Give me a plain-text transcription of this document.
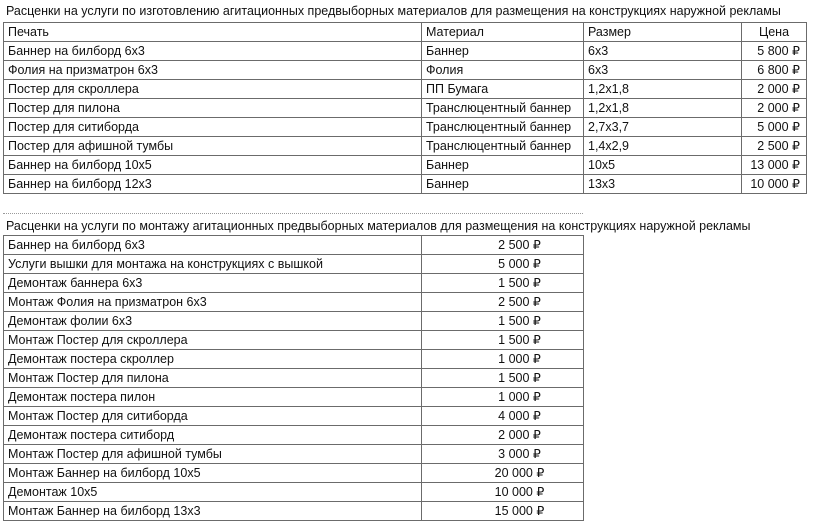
Расценки на услуги по изготовлению агитационных предвыборных материалов для размещения на конструкциях наружной рекламы
Печать	Материал	Размер	Цена
Баннер на билборд 6х3	Баннер	6х3	5 800 ₽
Фолия на призматрон 6х3	Фолия	6х3	6 800 ₽
Постер для скроллера	ПП Бумага	1,2х1,8	2 000 ₽
Постер для пилона	Транслюцентный баннер	1,2х1,8	2 000 ₽
Постер для ситиборда	Транслюцентный баннер	2,7х3,7	5 000 ₽
Постер для афишной тумбы	Транслюцентный баннер	1,4х2,9	2 500 ₽
Баннер на билборд 10х5	Баннер	10х5	13 000 ₽
Баннер на билборд 12х3	Баннер	13х3	10 000 ₽
Расценки на услуги по монтажу агитационных предвыборных материалов для размещения на конструкциях наружной рекламы
Баннер на билборд 6х3	2 500 ₽
Услуги вышки для монтажа на конструкциях с вышкой	5 000 ₽
Демонтаж баннера 6х3	1 500 ₽
Монтаж Фолия на призматрон 6х3	2 500 ₽
Демонтаж фолии 6х3	1 500 ₽
Монтаж Постер для скроллера	1 500 ₽
Демонтаж постера скроллер	1 000 ₽
Монтаж Постер для пилона	1 500 ₽
Демонтаж постера пилон	1 000 ₽
Монтаж Постер для ситиборда	4 000 ₽
Демонтаж постера ситиборд	2 000 ₽
Монтаж Постер для афишной тумбы	3 000 ₽
Монтаж Баннер на билборд 10х5	20 000 ₽
Демонтаж 10х5	10 000 ₽
Монтаж Баннер на билборд 13х3	15 000 ₽
